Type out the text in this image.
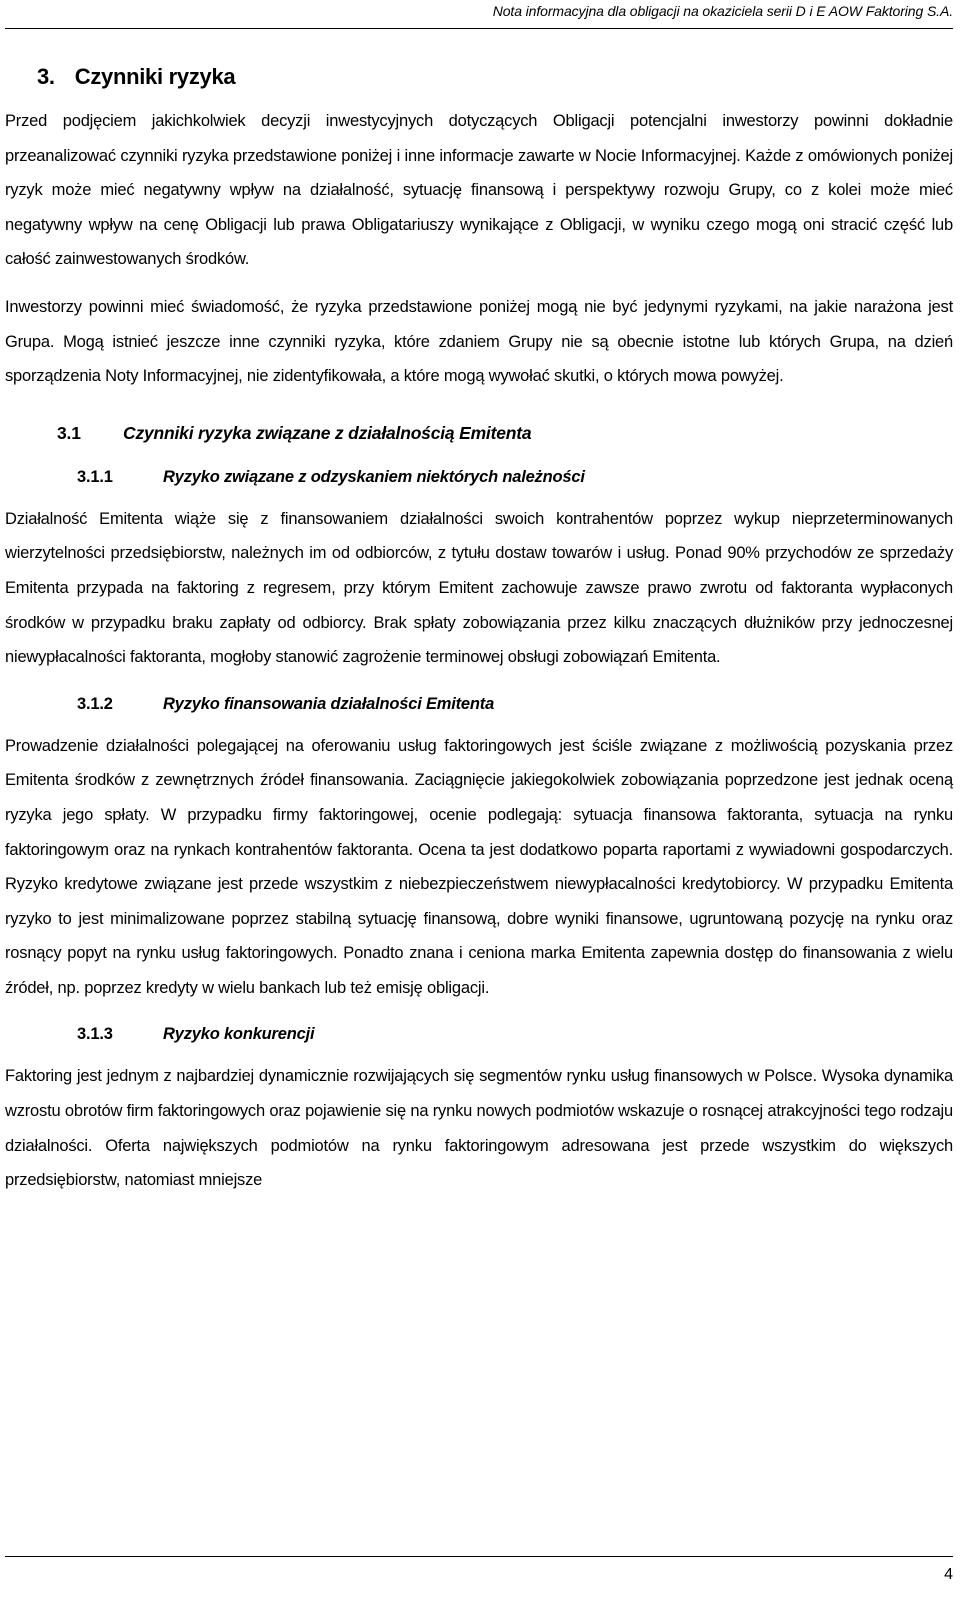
Nota informacyjna dla obligacji na okaziciela serii D i E AOW Faktoring S.A.
3. Czynniki ryzyka

Przed podjęciem jakichkolwiek decyzji inwestycyjnych dotyczących Obligacji potencjalni inwestorzy powinni dokładnie przeanalizować czynniki ryzyka przedstawione poniżej i inne informacje zawarte w Nocie Informacyjnej. Każde z omówionych poniżej ryzyk może mieć negatywny wpływ na działalność, sytuację finansową i perspektywy rozwoju Grupy, co z kolei może mieć negatywny wpływ na cenę Obligacji lub prawa Obligatariuszy wynikające z Obligacji, w wyniku czego mogą oni stracić część lub całość zainwestowanych środków.

Inwestorzy powinni mieć świadomość, że ryzyka przedstawione poniżej mogą nie być jedynymi ryzykami, na jakie narażona jest Grupa. Mogą istnieć jeszcze inne czynniki ryzyka, które zdaniem Grupy nie są obecnie istotne lub których Grupa, na dzień sporządzenia Noty Informacyjnej, nie zidentyfikowała, a które mogą wywołać skutki, o których mowa powyżej.

3.1 Czynniki ryzyka związane z działalnością Emitenta
3.1.1	Ryzyko związane z odzyskaniem niektórych należności

Działalność Emitenta wiąże się z finansowaniem działalności swoich kontrahentów poprzez wykup nieprzeterminowanych wierzytelności przedsiębiorstw, należnych im od odbiorców, z tytułu dostaw towarów i usług. Ponad 90% przychodów ze sprzedaży Emitenta przypada na faktoring z regresem, przy którym Emitent zachowuje zawsze prawo zwrotu od faktoranta wypłaconych środków w przypadku braku zapłaty od odbiorcy. Brak spłaty zobowiązania przez kilku znaczących dłużników przy jednoczesnej niewypłacalności faktoranta, mogłoby stanowić zagrożenie terminowej obsługi zobowiązań Emitenta.

3.1.2	Ryzyko finansowania działalności Emitenta

Prowadzenie działalności polegającej na oferowaniu usług faktoringowych jest ściśle związane z możliwością pozyskania przez Emitenta środków z zewnętrznych źródeł finansowania. Zaciągnięcie jakiegokolwiek zobowiązania poprzedzone jest jednak oceną ryzyka jego spłaty. W przypadku firmy faktoringowej, ocenie podlegają: sytuacja finansowa faktoranta, sytuacja na rynku faktoringowym oraz na rynkach kontrahentów faktoranta. Ocena ta jest dodatkowo poparta raportami z wywiadowni gospodarczych. Ryzyko kredytowe związane jest przede wszystkim z niebezpieczeństwem niewypłacalności kredytobiorcy. W przypadku Emitenta ryzyko to jest minimalizowane poprzez stabilną sytuację finansową, dobre wyniki finansowe, ugruntowaną pozycję na rynku oraz rosnący popyt na rynku usług faktoringowych. Ponadto znana i ceniona marka Emitenta zapewnia dostęp do finansowania z wielu źródeł, np. poprzez kredyty w wielu bankach lub też emisję obligacji.

3.1.3	Ryzyko konkurencji

Faktoring jest jednym z najbardziej dynamicznie rozwijających się segmentów rynku usług finansowych w Polsce. Wysoka dynamika wzrostu obrotów firm faktoringowych oraz pojawienie się na rynku nowych podmiotów wskazuje o rosnącej atrakcyjności tego rodzaju działalności. Oferta największych podmiotów na rynku faktoringowym adresowana jest przede wszystkim do większych przedsiębiorstw, natomiast mniejsze

4
